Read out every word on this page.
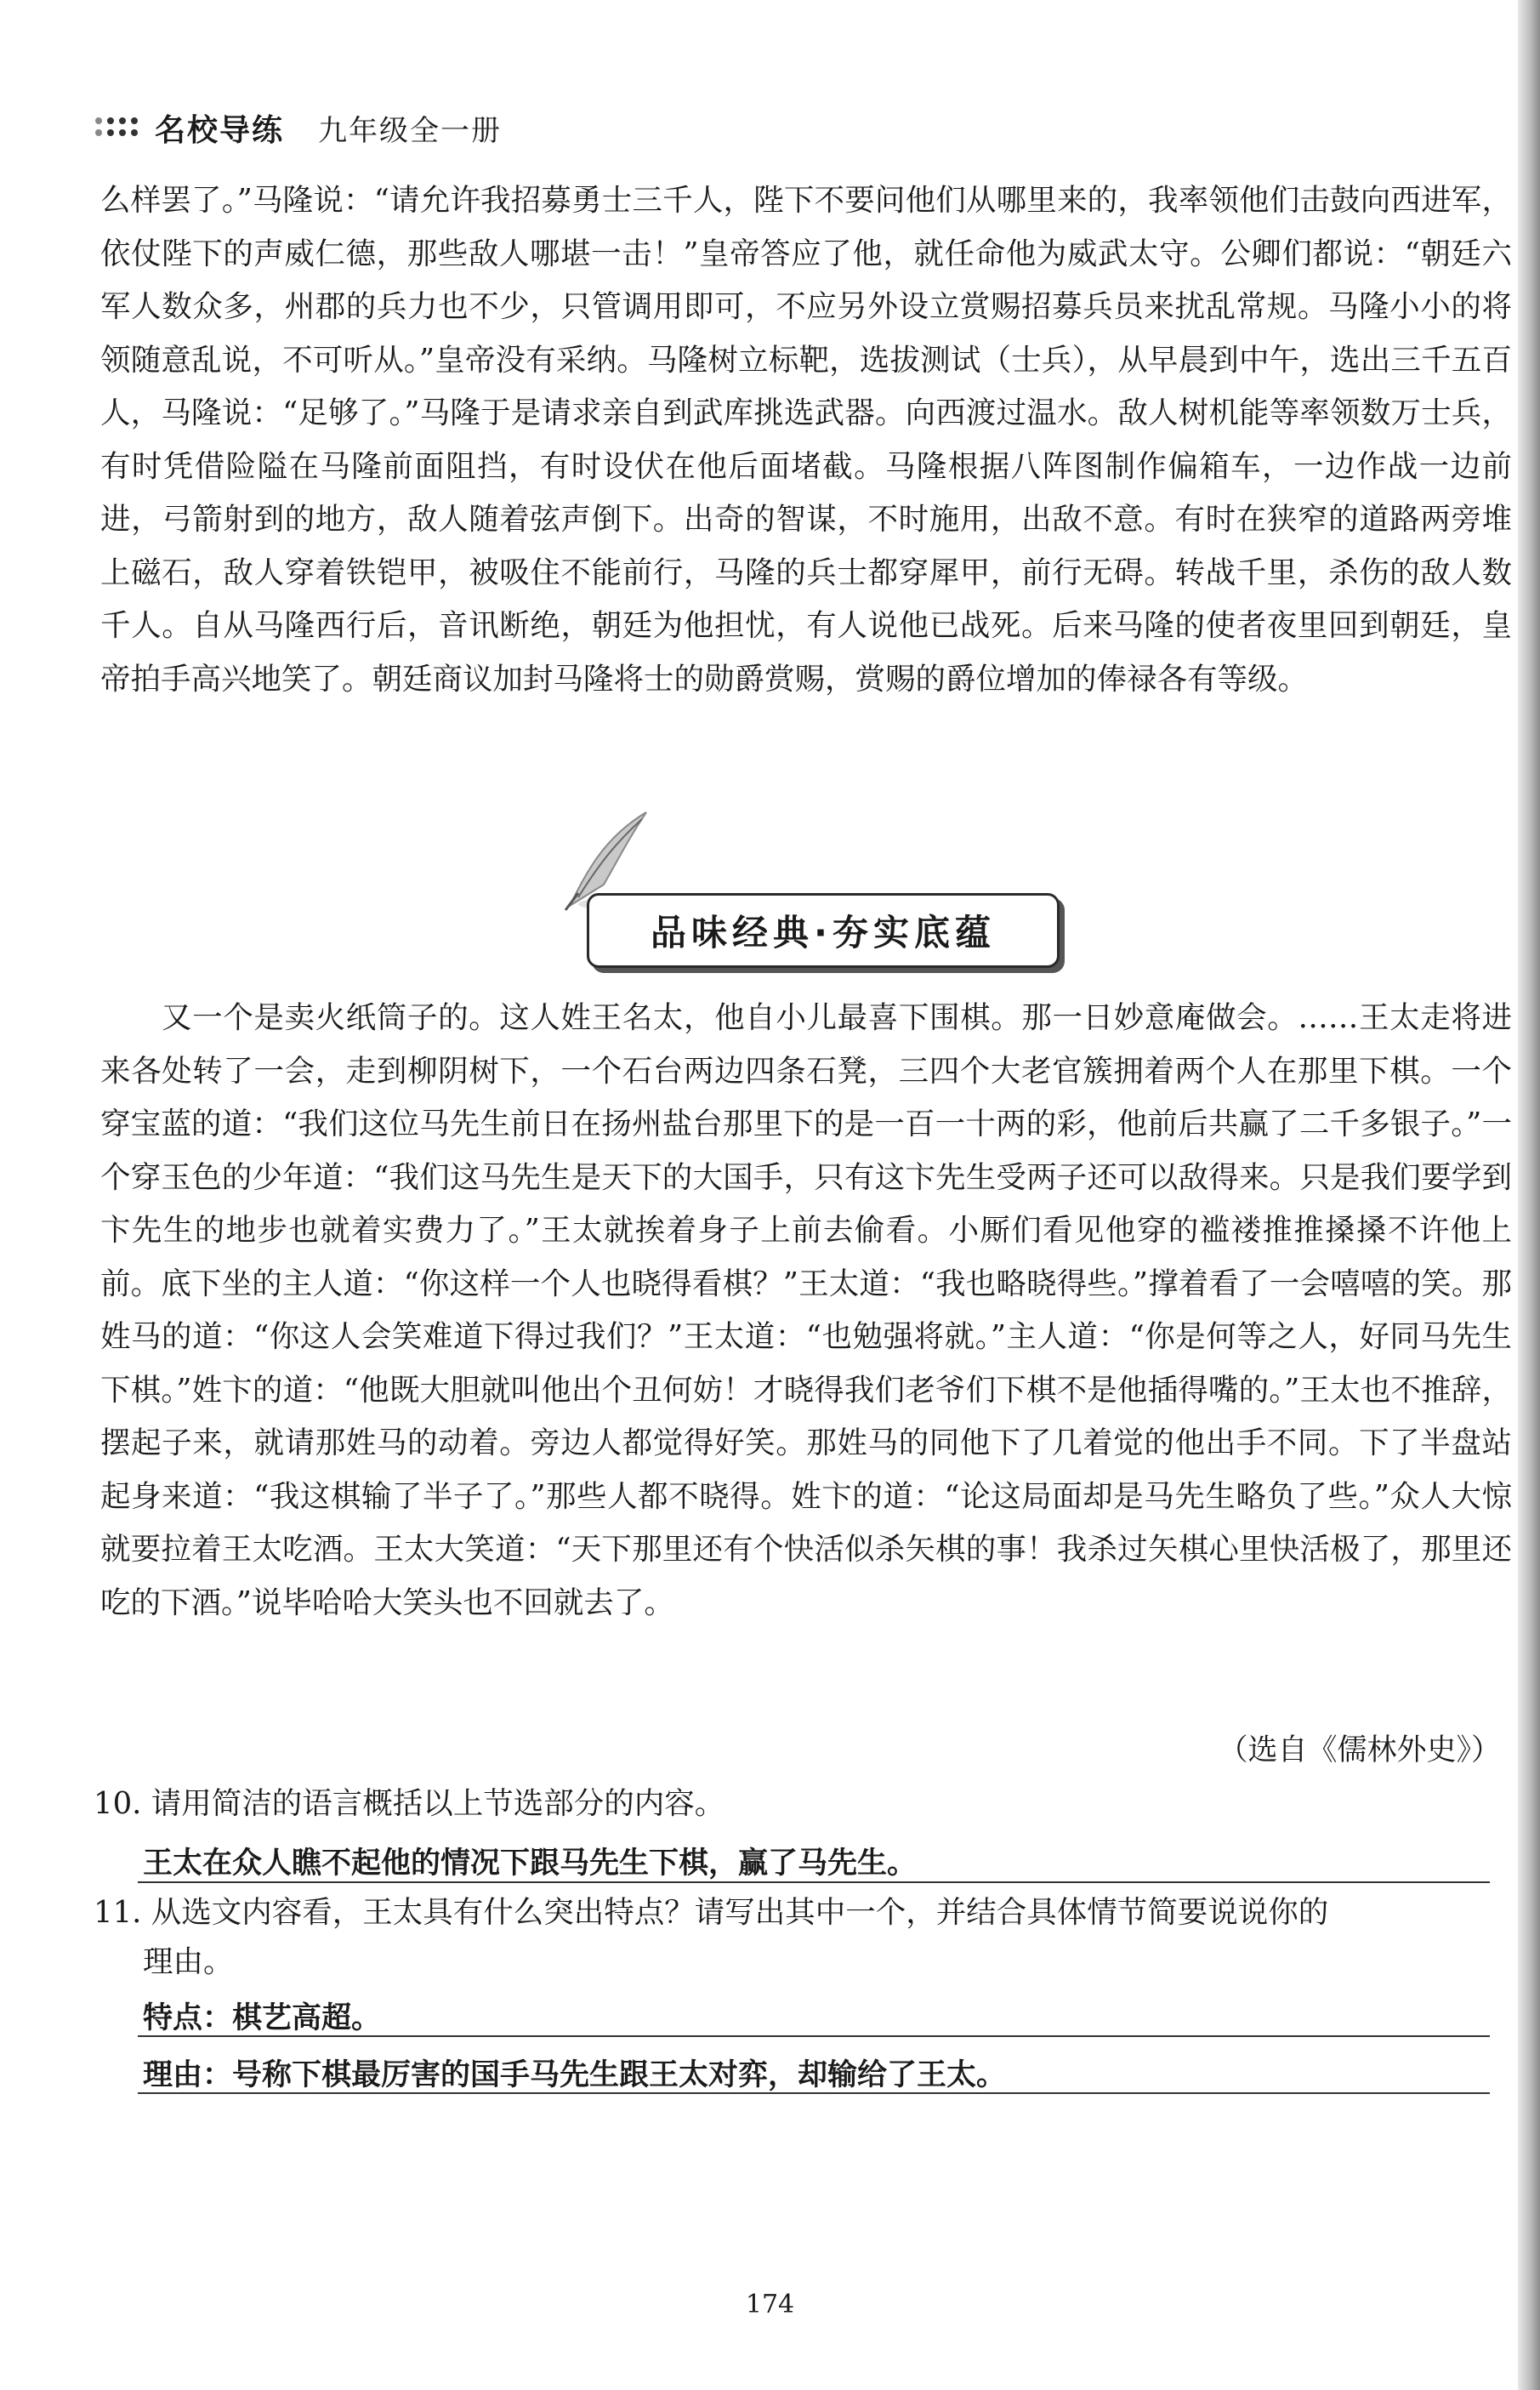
名校导练 九年级全一册

么样罢了。”马隆说：“请允许我招募勇士三千人，陛下不要问他们从哪里来的，我率领他们击鼓向西进军，依仗陛下的声威仁德，那些敌人哪堪一击！”皇帝答应了他，就任命他为威武太守。公卿们都说：“朝廷六军人数众多，州郡的兵力也不少，只管调用即可，不应另外设立赏赐招募兵员来扰乱常规。马隆小小的将领随意乱说，不可听从。”皇帝没有采纳。马隆树立标靶，选拔测试（士兵），从早晨到中午，选出三千五百人，马隆说：“足够了。”马隆于是请求亲自到武库挑选武器。向西渡过温水。敌人树机能等率领数万士兵，有时凭借险隘在马隆前面阻挡，有时设伏在他后面堵截。马隆根据八阵图制作偏箱车，一边作战一边前进，弓箭射到的地方，敌人随着弦声倒下。出奇的智谋，不时施用，出敌不意。有时在狭窄的道路两旁堆上磁石，敌人穿着铁铠甲，被吸住不能前行，马隆的兵士都穿犀甲，前行无碍。转战千里，杀伤的敌人数千人。自从马隆西行后，音讯断绝，朝廷为他担忧，有人说他已战死。后来马隆的使者夜里回到朝廷，皇帝拍手高兴地笑了。朝廷商议加封马隆将士的勋爵赏赐，赏赐的爵位增加的俸禄各有等级。

品味经典·夯实底蕴

又一个是卖火纸筒子的。这人姓王名太，他自小儿最喜下围棋。那一日妙意庵做会。……王太走将进来各处转了一会，走到柳阴树下，一个石台两边四条石凳，三四个大老官簇拥着两个人在那里下棋。一个穿宝蓝的道：“我们这位马先生前日在扬州盐台那里下的是一百一十两的彩，他前后共赢了二千多银子。”一个穿玉色的少年道：“我们这马先生是天下的大国手，只有这卞先生受两子还可以敌得来。只是我们要学到卞先生的地步也就着实费力了。”王太就挨着身子上前去偷看。小厮们看见他穿的褴褛推推搡搡不许他上前。底下坐的主人道：“你这样一个人也晓得看棋？”王太道：“我也略晓得些。”撑着看了一会嘻嘻的笑。那姓马的道：“你这人会笑难道下得过我们？”王太道：“也勉强将就。”主人道：“你是何等之人，好同马先生下棋。”姓卞的道：“他既大胆就叫他出个丑何妨！才晓得我们老爷们下棋不是他插得嘴的。”王太也不推辞，摆起子来，就请那姓马的动着。旁边人都觉得好笑。那姓马的同他下了几着觉的他出手不同。下了半盘站起身来道：“我这棋输了半子了。”那些人都不晓得。姓卞的道：“论这局面却是马先生略负了些。”众人大惊就要拉着王太吃酒。王太大笑道：“天下那里还有个快活似杀矢棋的事！我杀过矢棋心里快活极了，那里还吃的下酒。”说毕哈哈大笑头也不回就去了。

（选自《儒林外史》）
10. 请用简洁的语言概括以上节选部分的内容。
王太在众人瞧不起他的情况下跟马先生下棋，赢了马先生。
11. 从选文内容看，王太具有什么突出特点？请写出其中一个，并结合具体情节简要说说你的
理由。
特点：棋艺高超。
理由：号称下棋最厉害的国手马先生跟王太对弈，却输给了王太。
174
